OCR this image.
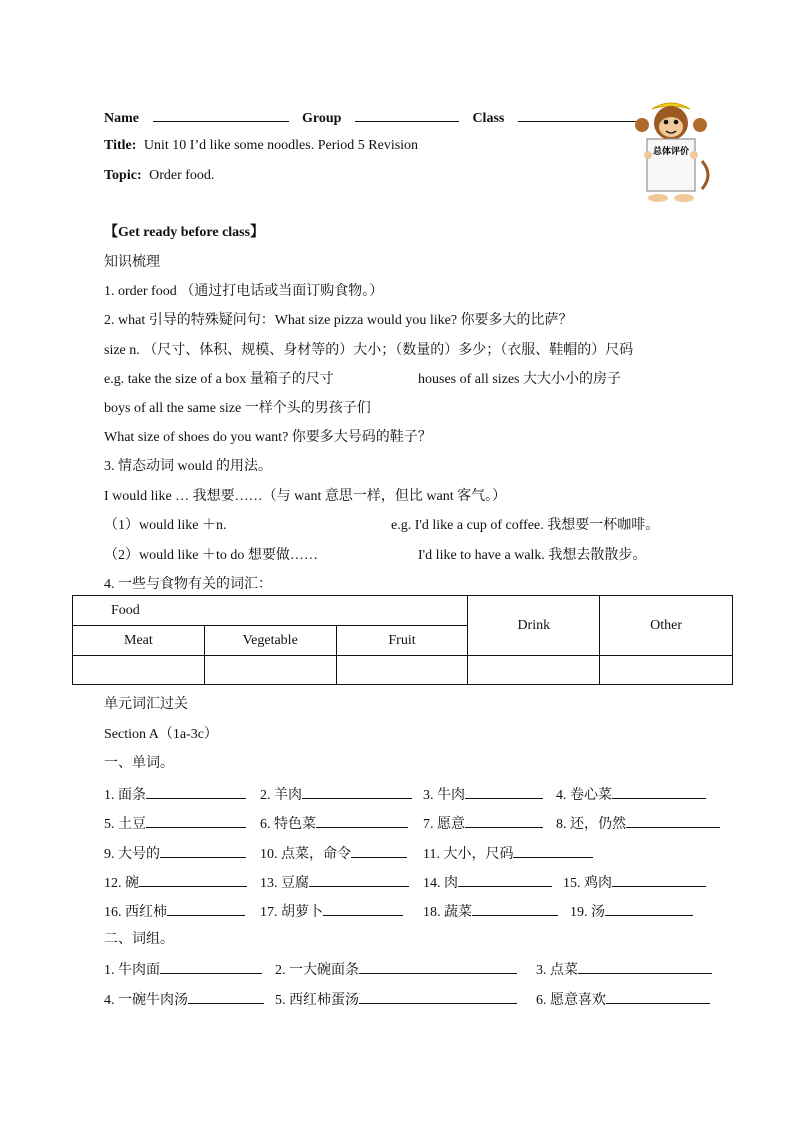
Name	Group	Class
Title: Unit 10 I’d like some noodles. Period 5 Revision
Topic: Order food.
总体评价
【Get ready before class】
知识梳理
1. order food （通过打电话或当面订购食物。）
2. what 引导的特殊疑问句：What size pizza would you like? 你要多大的比萨？
size n. （尺寸、体积、规模、身材等的）大小；（数量的）多少；（衣服、鞋帽的）尺码
e.g. take the size of a box 量箱子的尺寸	houses of all sizes 大大小小的房子
boys of all the same size 一样个头的男孩子们
What size of shoes do you want? 你要多大号码的鞋子？
3. 情态动词 would 的用法。
I would like … 我想要……（与 want 意思一样，但比 want 客气。）
（1）would like ＋n.	e.g. I'd like a cup of coffee. 我想要一杯咖啡。
（2）would like ＋to do 想要做……	I'd like to have a walk. 我想去散散步。
4. 一些与食物有关的词汇：
Food			Drink	Other
Meat	Vegetable	Fruit		

单元词汇过关
Section A（1a-3c）
一、单词。
1. 面条	2. 羊肉	3. 牛肉	4. 卷心菜
5. 土豆	6. 特色菜	7. 愿意	8. 还，仍然
9. 大号的	10. 点菜，命令	11. 大小，尺码
12. 碗	13. 豆腐	14. 肉	15. 鸡肉
16. 西红柿	17. 胡萝卜	18. 蔬菜	19. 汤
二、词组。
1. 牛肉面	2. 一大碗面条	3. 点菜
4. 一碗牛肉汤	5. 西红柿蛋汤	6. 愿意喜欢
